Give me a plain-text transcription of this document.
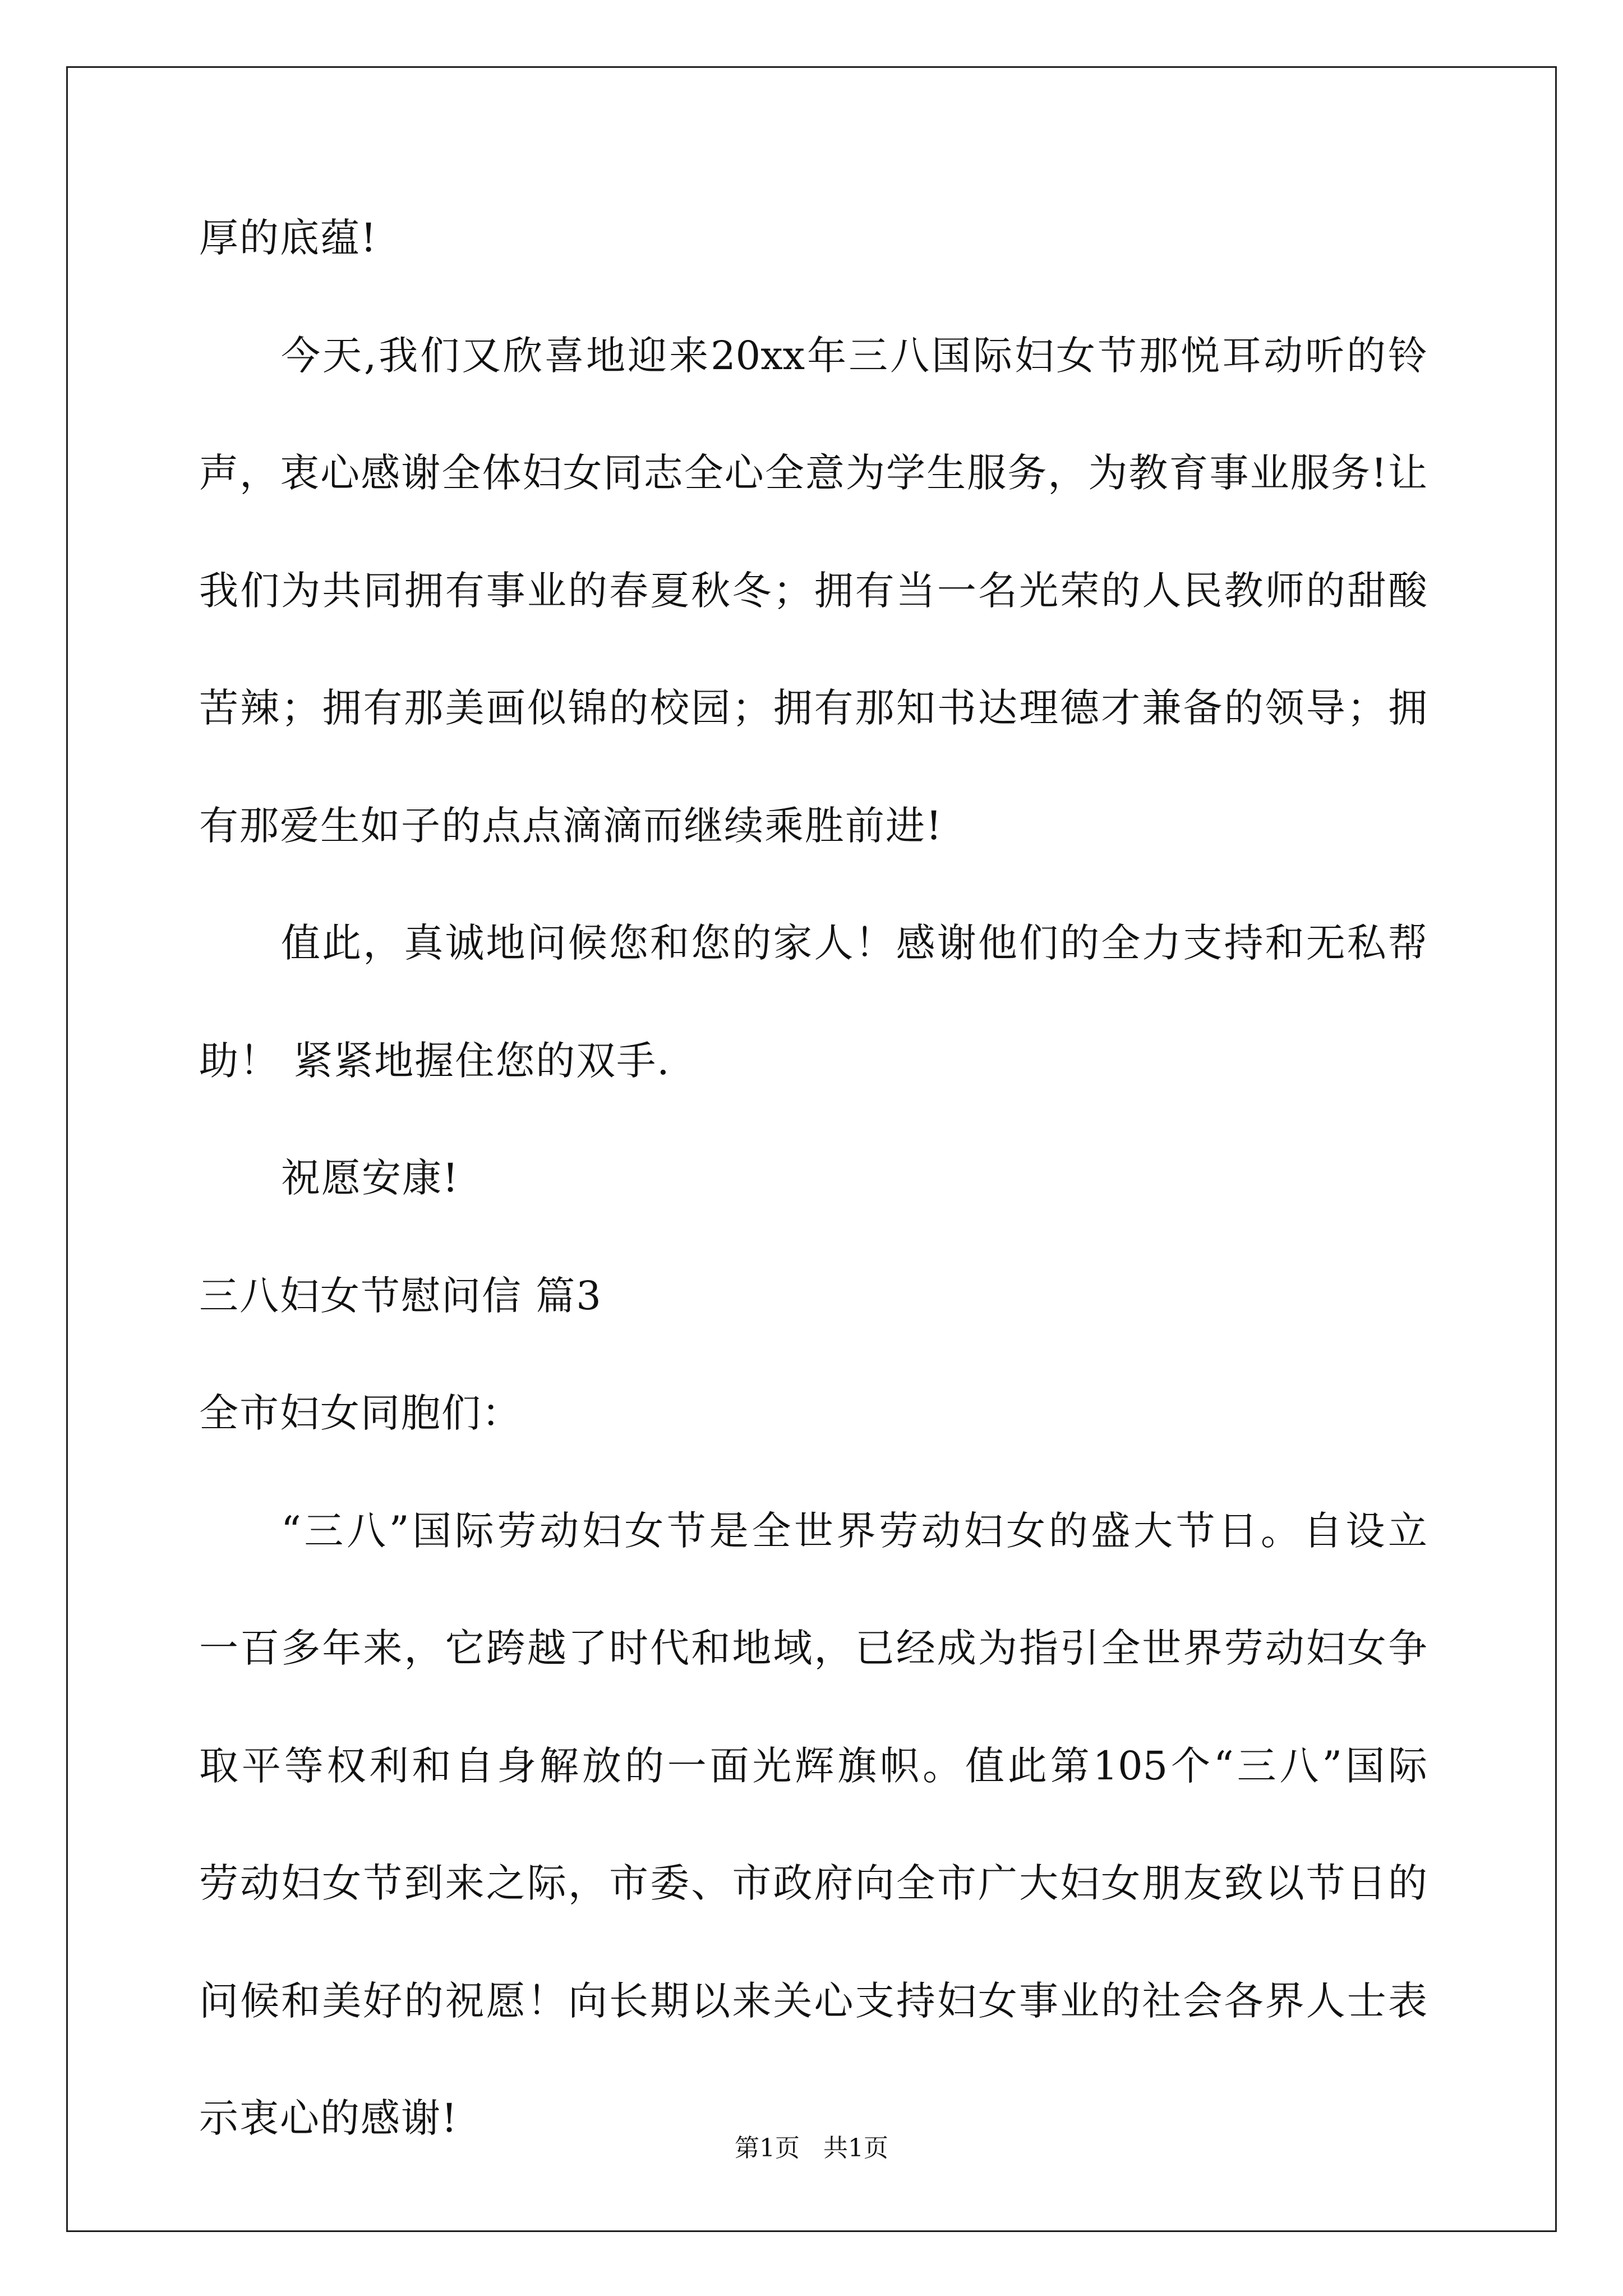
厚的底蕴!
今天,我们又欣喜地迎来20xx年三八国际妇女节那悦耳动听的铃
声，衷心感谢全体妇女同志全心全意为学生服务，为教育事业服务!让
我们为共同拥有事业的春夏秋冬；拥有当一名光荣的人民教师的甜酸
苦辣；拥有那美画似锦的校园；拥有那知书达理德才兼备的领导；拥
有那爱生如子的点点滴滴而继续乘胜前进!
值此，真诚地问候您和您的家人！感谢他们的全力支持和无私帮
助！ 紧紧地握住您的双手.
祝愿安康!
三八妇女节慰问信 篇3
全市妇女同胞们：
“三八”国际劳动妇女节是全世界劳动妇女的盛大节日。自设立
一百多年来，它跨越了时代和地域，已经成为指引全世界劳动妇女争
取平等权利和自身解放的一面光辉旗帜。值此第105个“三八”国际
劳动妇女节到来之际，市委、市政府向全市广大妇女朋友致以节日的
问候和美好的祝愿！向长期以来关心支持妇女事业的社会各界人士表
示衷心的感谢!
第1页   共1页
